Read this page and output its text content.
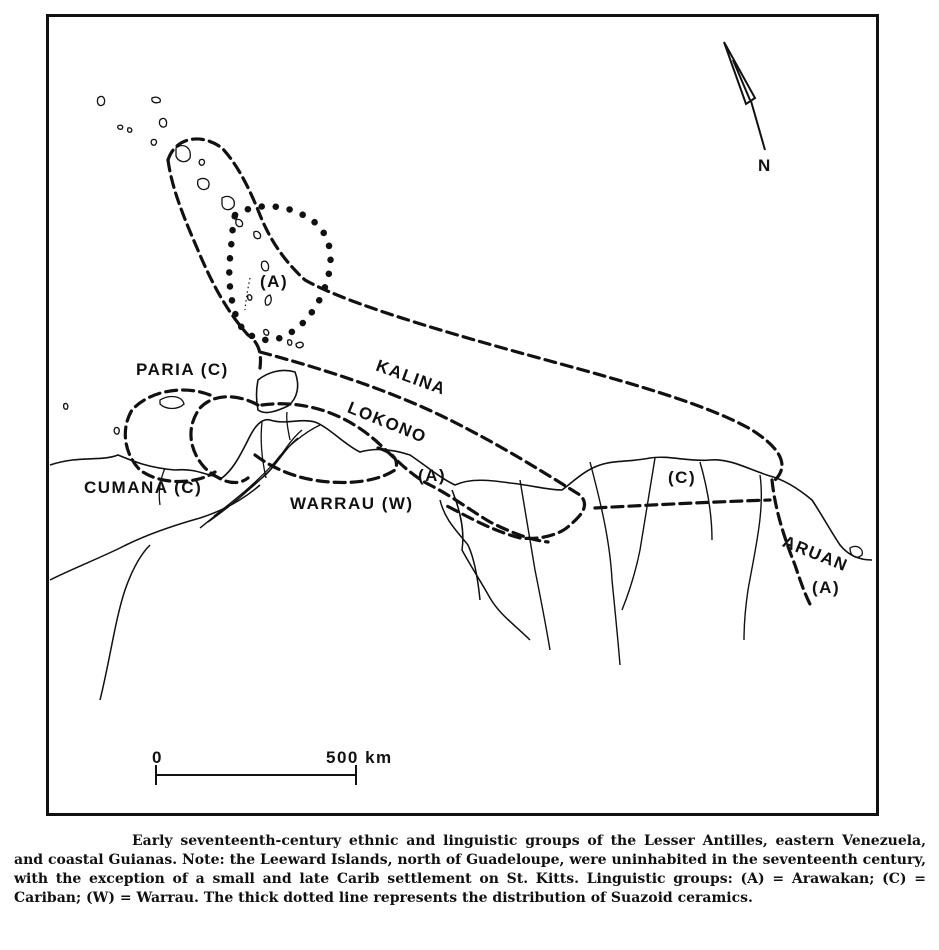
N
0	500 km
(A)
PARIA (C)
CUMANA (C)
KALINA
LOKONO
(A)
WARRAU (W)
(C)
ARUAN
(A)
Early seventeenth-century ethnic and linguistic groups of the Lesser Antilles, eastern Venezuela, and coastal Guianas. Note: the Leeward Islands, north of Guadeloupe, were uninhabited in the seventeenth century, with the exception of a small and late Carib settlement on St. Kitts. Linguistic groups: (A) = Arawakan; (C) = Cariban; (W) = Warrau. The thick dotted line represents the distribution of Suazoid ceramics.
